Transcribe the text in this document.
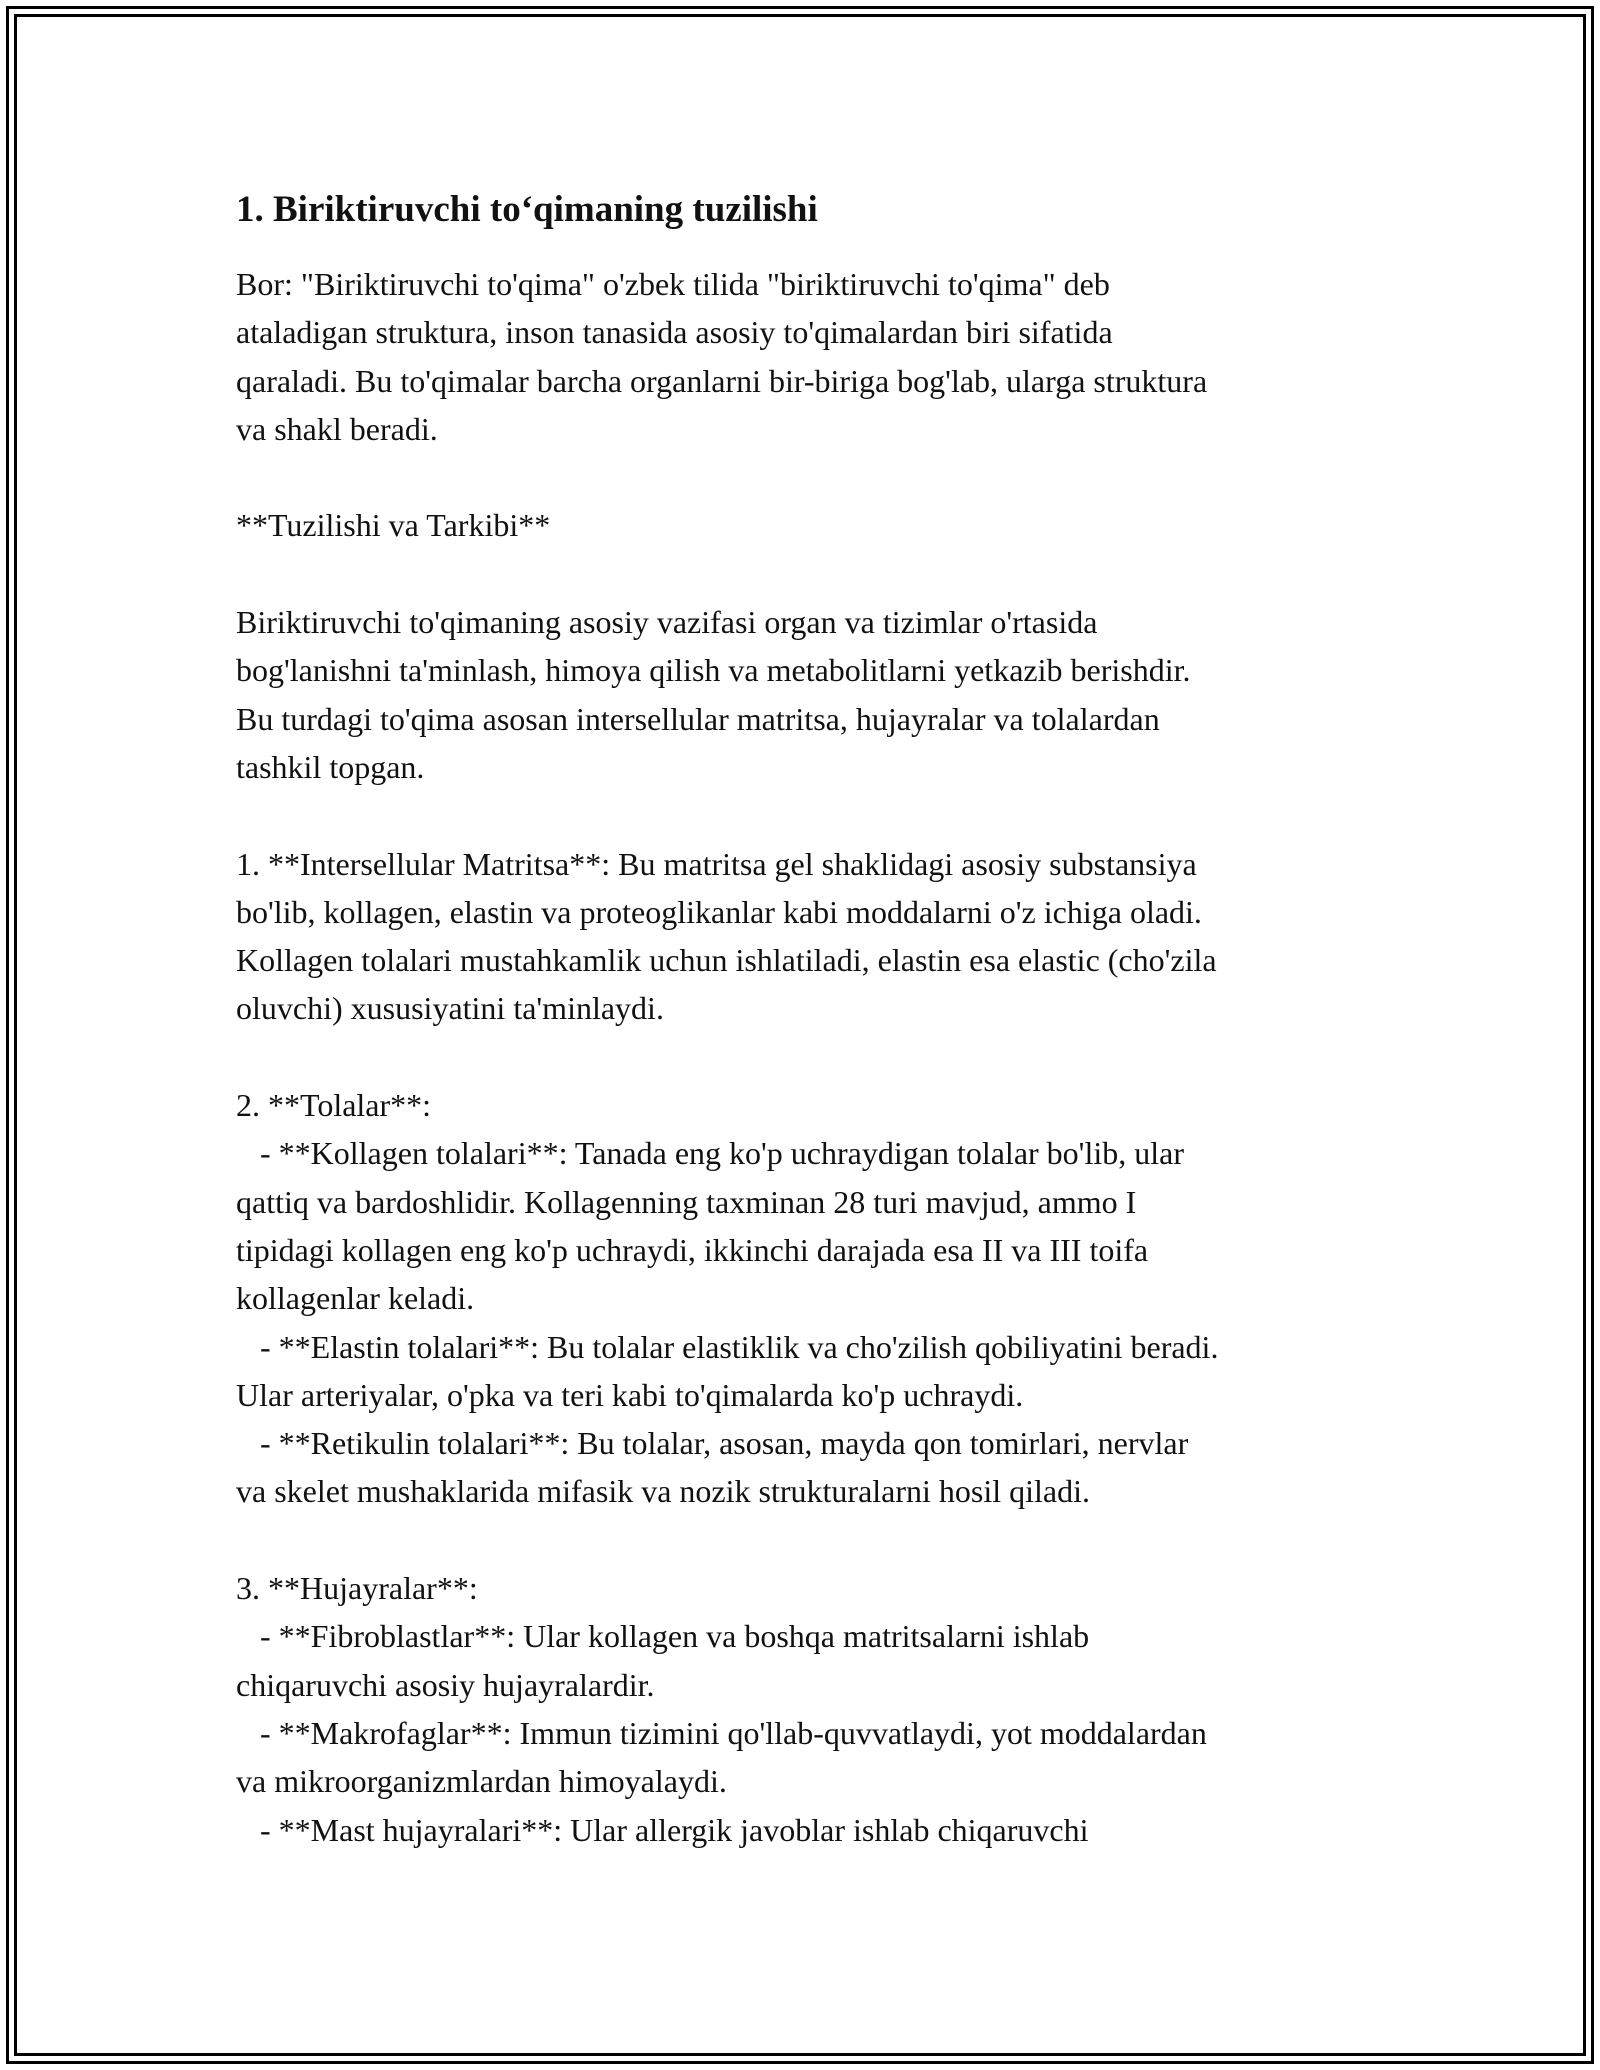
1. Biriktiruvchi to‘qimaning tuzilishi
Bor: "Biriktiruvchi to'qima" o'zbek tilida "biriktiruvchi to'qima" deb
ataladigan struktura, inson tanasida asosiy to'qimalardan biri sifatida
qaraladi. Bu to'qimalar barcha organlarni bir-biriga bog'lab, ularga struktura
va shakl beradi.
**Tuzilishi va Tarkibi**
Biriktiruvchi to'qimaning asosiy vazifasi organ va tizimlar o'rtasida
bog'lanishni ta'minlash, himoya qilish va metabolitlarni yetkazib berishdir.
Bu turdagi to'qima asosan intersellular matritsa, hujayralar va tolalardan
tashkil topgan.
1. **Intersellular Matritsa**: Bu matritsa gel shaklidagi asosiy substansiya
bo'lib, kollagen, elastin va proteoglikanlar kabi moddalarni o'z ichiga oladi.
Kollagen tolalari mustahkamlik uchun ishlatiladi, elastin esa elastic (cho'zila
oluvchi) xususiyatini ta'minlaydi.
2. **Tolalar**:
- **Kollagen tolalari**: Tanada eng ko'p uchraydigan tolalar bo'lib, ular
qattiq va bardoshlidir. Kollagenning taxminan 28 turi mavjud, ammo I
tipidagi kollagen eng ko'p uchraydi, ikkinchi darajada esa II va III toifa
kollagenlar keladi.
- **Elastin tolalari**: Bu tolalar elastiklik va cho'zilish qobiliyatini beradi.
Ular arteriyalar, o'pka va teri kabi to'qimalarda ko'p uchraydi.
- **Retikulin tolalari**: Bu tolalar, asosan, mayda qon tomirlari, nervlar
va skelet mushaklarida mifasik va nozik strukturalarni hosil qiladi.
3. **Hujayralar**:
- **Fibroblastlar**: Ular kollagen va boshqa matritsalarni ishlab
chiqaruvchi asosiy hujayralardir.
- **Makrofaglar**: Immun tizimini qo'llab-quvvatlaydi, yot moddalardan
va mikroorganizmlardan himoyalaydi.
- **Mast hujayralari**: Ular allergik javoblar ishlab chiqaruvchi
